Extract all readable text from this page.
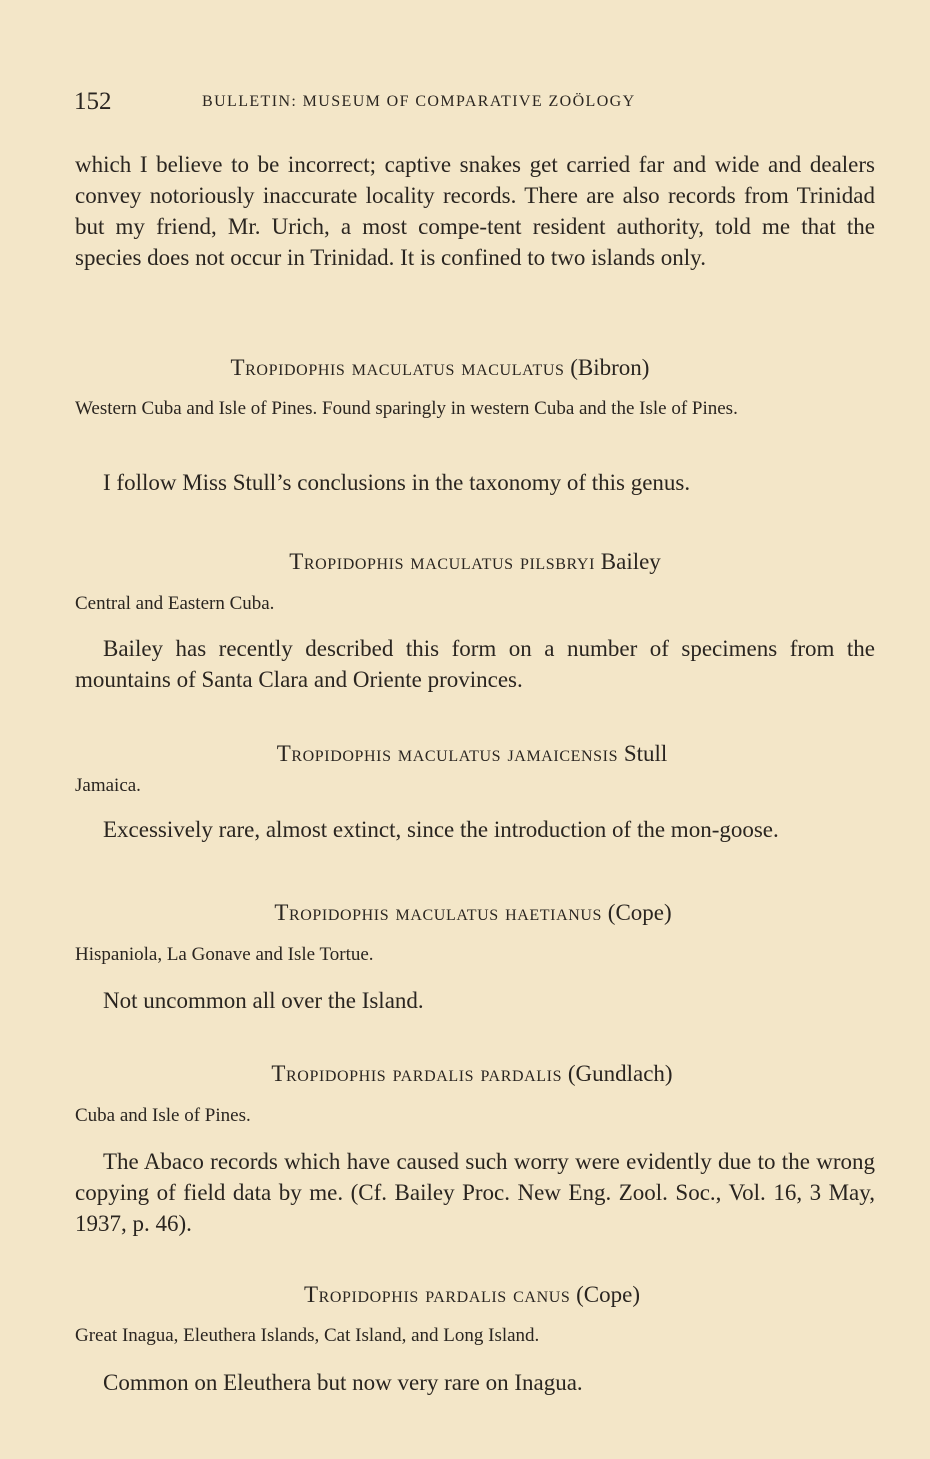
152	BULLETIN: MUSEUM OF COMPARATIVE ZOÖLOGY
which I believe to be incorrect; captive snakes get carried far and wide and dealers convey notoriously inaccurate locality records. There are also records from Trinidad but my friend, Mr. Urich, a most compe-tent resident authority, told me that the species does not occur in Trinidad. It is confined to two islands only.
Tropidophis maculatus maculatus (Bibron)
Western Cuba and Isle of Pines. Found sparingly in western Cuba and the Isle of Pines.
I follow Miss Stull’s conclusions in the taxonomy of this genus.
Tropidophis maculatus pilsbryi Bailey
Central and Eastern Cuba.
Bailey has recently described this form on a number of specimens from the mountains of Santa Clara and Oriente provinces.
Tropidophis maculatus jamaicensis Stull
Jamaica.
Excessively rare, almost extinct, since the introduction of the mon-goose.
Tropidophis maculatus haetianus (Cope)
Hispaniola, La Gonave and Isle Tortue.
Not uncommon all over the Island.
Tropidophis pardalis pardalis (Gundlach)
Cuba and Isle of Pines.
The Abaco records which have caused such worry were evidently due to the wrong copying of field data by me. (Cf. Bailey Proc. New Eng. Zool. Soc., Vol. 16, 3 May, 1937, p. 46).
Tropidophis pardalis canus (Cope)
Great Inagua, Eleuthera Islands, Cat Island, and Long Island.
Common on Eleuthera but now very rare on Inagua.
